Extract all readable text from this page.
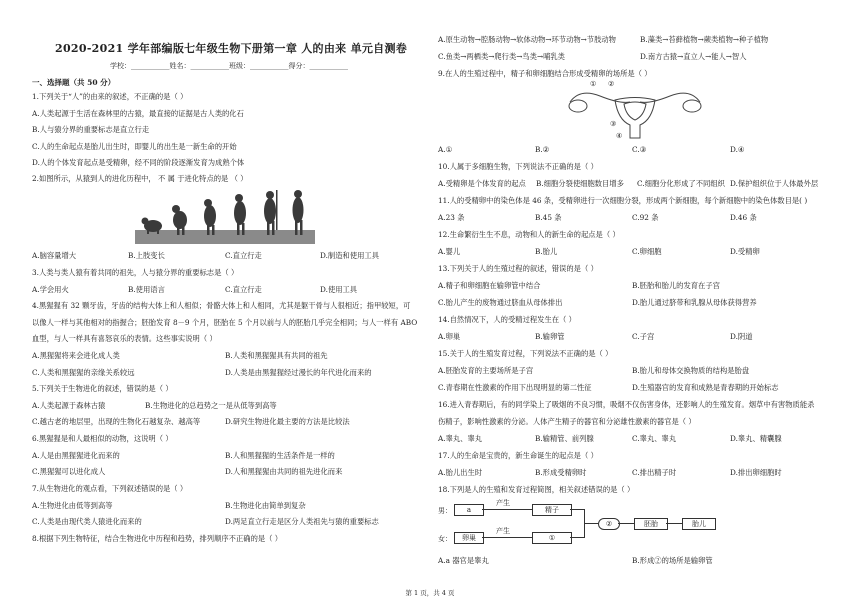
2020-2021 学年部编版七年级生物下册第一章 人的由来 单元自测卷
学校：___________姓名：___________班级：___________得分：___________
一、选择题（共 50 分）
1.下列关于“人”的由来的叙述，不正确的是（ ）
A.人类起源于生活在森林里的古猿，最直接的证据是古人类的化石
B.人与猿分界的重要标志是直立行走
C.人的生命起点是胎儿出生时，即婴儿的出生是一新生命的开始
D.人的个体发育起点是受精卵，经不同的阶段逐渐发育为成熟个体
2.如图所示，从猿到人的进化历程中， 不 属 于进化特点的是 （ ）
A.脑容量增大	B.上肢变长	C.直立行走	D.制造和使用工具
3.人类与类人猿有着共同的祖先，人与猿分界的重要标志是（ ）
A.学会用火	B.使用语言	C.直立行走	D.使用工具
4.黑猩猩有 32 颗牙齿，牙齿的结构大体上和人相似；骨骼大体上和人相同，尤其是躯干骨与人很相近；指甲较短，可
以像人一样与其他相对的指握合；胚胎发育 8－9 个月，胚胎在 5 个月以前与人的胚胎几乎完全相同；与人一样有 ABO
血型，与人一样具有喜怒哀乐的表情。这些事实说明（ ）
A.黑猩猩将来会进化成人类	B.人类和黑猩猩具有共同的祖先
C.人类和黑猩猩的亲缘关系较远	D.人类是由黑猩猩经过漫长的年代进化而来的
5.下列关于生物进化的叙述，错误的是（ ）
A.人类起源于森林古猿	B.生物进化的总趋势之一是从低等到高等
C.越古老的地层里，出现的生物化石越复杂、越高等	D.研究生物进化最主要的方法是比较法
6.黑猩猩是和人最相似的动物，这说明（ ）
A.人是由黑猩猩进化而来的	B.人和黑猩猩的生活条件是一样的
C.黑猩猩可以进化成人	D.人和黑猩猩由共同的祖先进化而来
7.从生物进化的观点看，下列叙述错误的是（ ）
A.生物进化由低等到高等	B.生物进化由简单到复杂
C.人类是由现代类人猿进化而来的	D.两足直立行走是区分人类祖先与猿的重要标志
8.根据下列生物特征，结合生物进化中历程和趋势，排列顺序不正确的是（ ）
A.原生动物→腔肠动物→软体动物→环节动物→节肢动物	B.藻类→苔藓植物→蕨类植物→种子植物
C.鱼类→两栖类→爬行类→鸟类→哺乳类	D.南方古猿→直立人→能人→智人
9.在人的生殖过程中，精子和卵细胞结合形成受精卵的场所是（ ）
① ②
③
④
A.①	B.②	C.③	D.④
10.人属于多细胞生物，下列说法不正确的是（ ）
A.受精卵是个体发育的起点 B.细胞分裂使细胞数目增多 C.细胞分化形成了不同组织 D.保护组织位于人体最外层
11.人的受精卵中的染色体是 46 条，受精卵进行一次细胞分裂，形成两个新细胞，每个新细胞中的染色体数目是( )
A.23 条	B.45 条	C.92 条	D.46 条
12.生命繁衍生生不息，动物和人的新生命的起点是（ ）
A.婴儿	B.胎儿	C.卵细胞	D.受精卵
13.下列关于人的生殖过程的叙述，错误的是（ ）
A.精子和卵细胞在输卵管中结合	B.胚胎和胎儿的发育在子宫
C.胎儿产生的废物通过脐血从母体排出	D.胎儿通过脐带和乳腺从母体获得营养
14.自然情况下，人的受精过程发生在（ ）
A.卵巢	B.输卵管	C.子宫	D.阴道
15.关于人的生殖发育过程，下列说法不正确的是（ ）
A.胚胎发育的主要场所是子宫	B.胎儿和母体交换物质的结构是胎盘
C.青春期在性激素的作用下出现明显的第二性征	D.生殖器官的发育和成熟是青春期的开始标志
16.进入青春期后，有的同学染上了吸烟的不良习惯，吸烟不仅伤害身体，还影响人的生殖发育。烟草中有害物质能杀
伤精子，影响性激素的分泌。人体产生精子的器官和分泌雄性激素的器官是（ ）
A.睾丸、睾丸	B.输精管、前列腺	C.睾丸、睾丸	D.睾丸、精囊腺
17.人的生命是宝贵的，新生命诞生的起点是（ ）
A.胎儿出生时	B.形成受精卵时	C.排出精子时	D.排出卵细胞时
18.下列是人的生殖和发育过程简图，相关叙述错误的是（ ）
男：
女：
a
产生
精子
卵巢
产生
①
②	胚胎	胎儿
A.a 器官是睾丸	B.形成②的场所是输卵管
第 1 页，共 4 页
